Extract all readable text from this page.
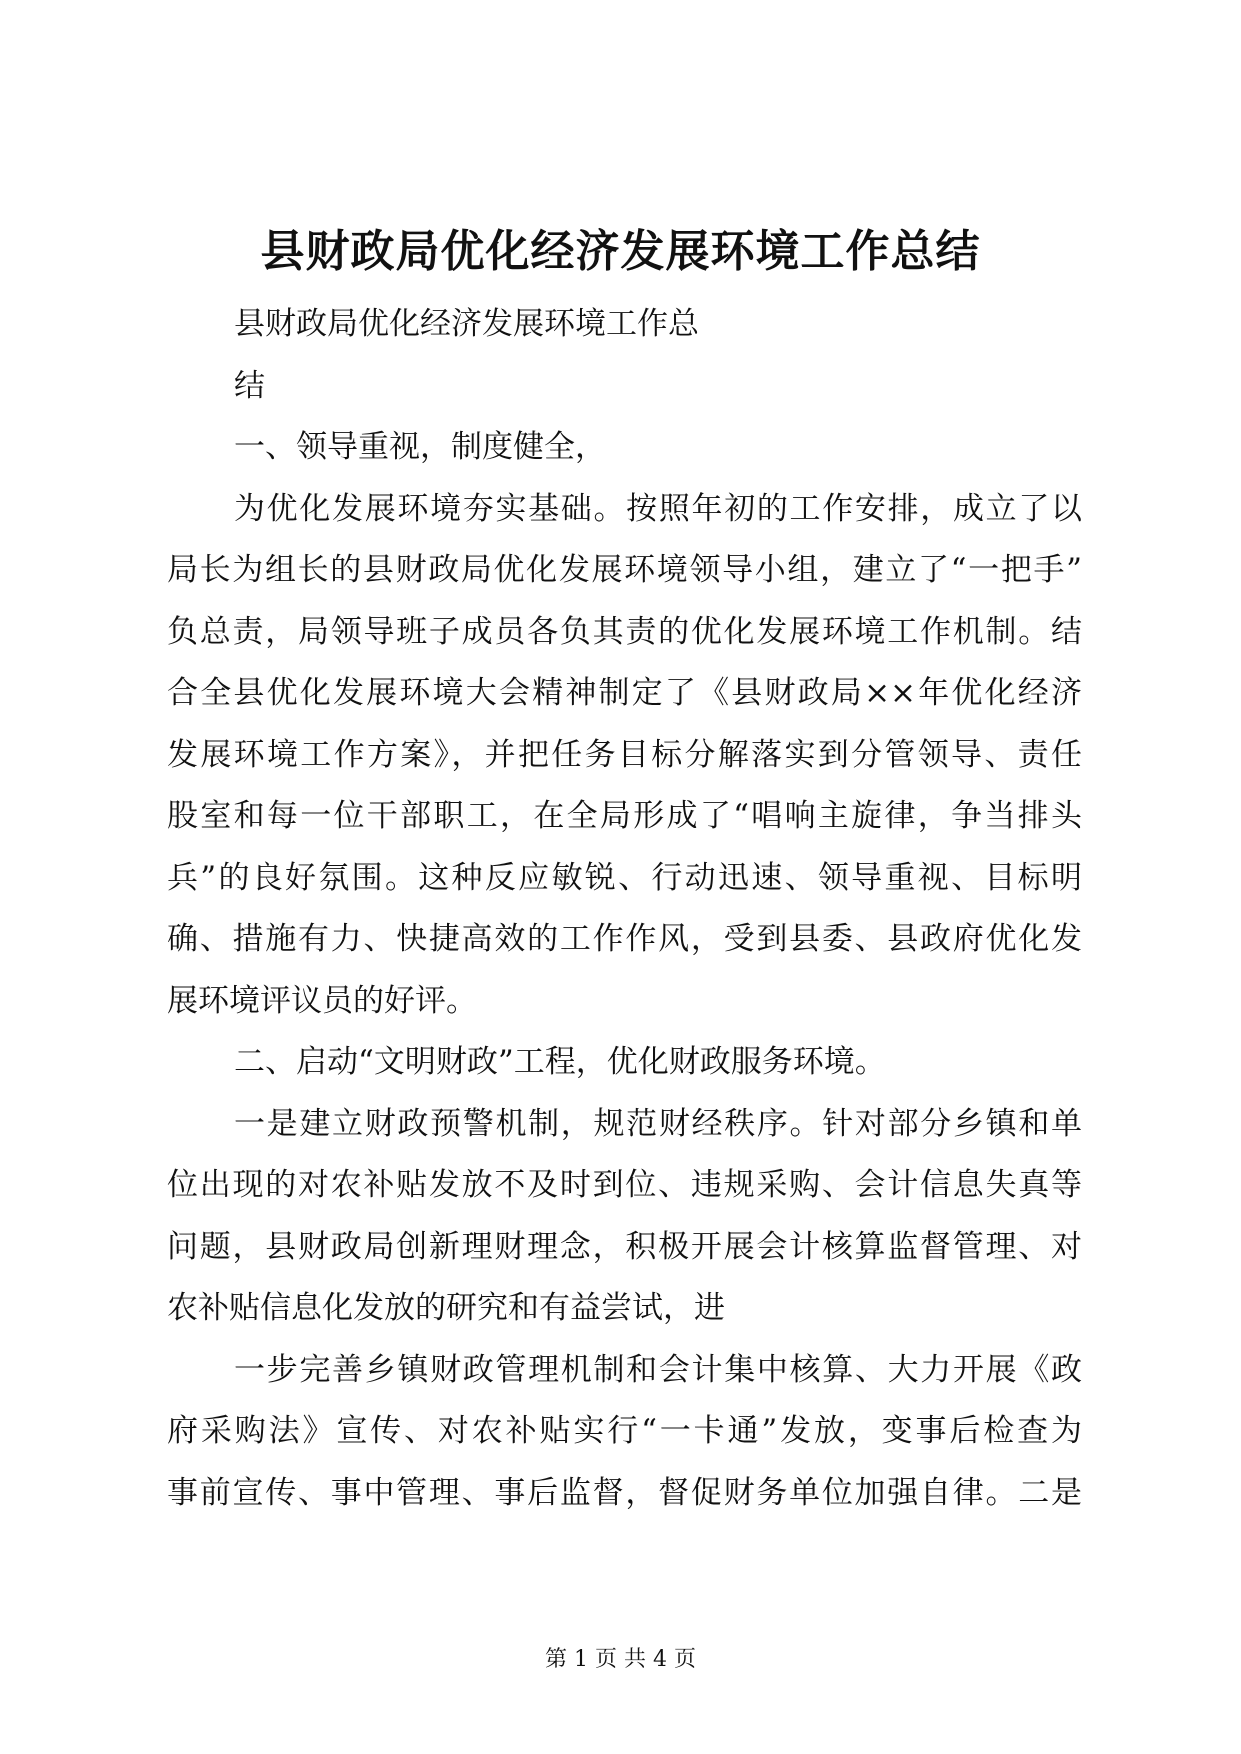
县财政局优化经济发展环境工作总结
县财政局优化经济发展环境工作总
结
一、领导重视，制度健全，
为优化发展环境夯实基础。按照年初的工作安排，成立了以
局长为组长的县财政局优化发展环境领导小组，建立了“一把手”
负总责，局领导班子成员各负其责的优化发展环境工作机制。结
合全县优化发展环境大会精神制定了《县财政局××年优化经济
发展环境工作方案》，并把任务目标分解落实到分管领导、责任
股室和每一位干部职工，在全局形成了“唱响主旋律，争当排头
兵”的良好氛围。这种反应敏锐、行动迅速、领导重视、目标明
确、措施有力、快捷高效的工作作风，受到县委、县政府优化发
展环境评议员的好评。
二、启动“文明财政”工程，优化财政服务环境。
一是建立财政预警机制，规范财经秩序。针对部分乡镇和单
位出现的对农补贴发放不及时到位、违规采购、会计信息失真等
问题，县财政局创新理财理念，积极开展会计核算监督管理、对
农补贴信息化发放的研究和有益尝试，进
一步完善乡镇财政管理机制和会计集中核算、大力开展《政
府采购法》宣传、对农补贴实行“一卡通”发放，变事后检查为
事前宣传、事中管理、事后监督，督促财务单位加强自律。二是
第 1 页 共 4 页
